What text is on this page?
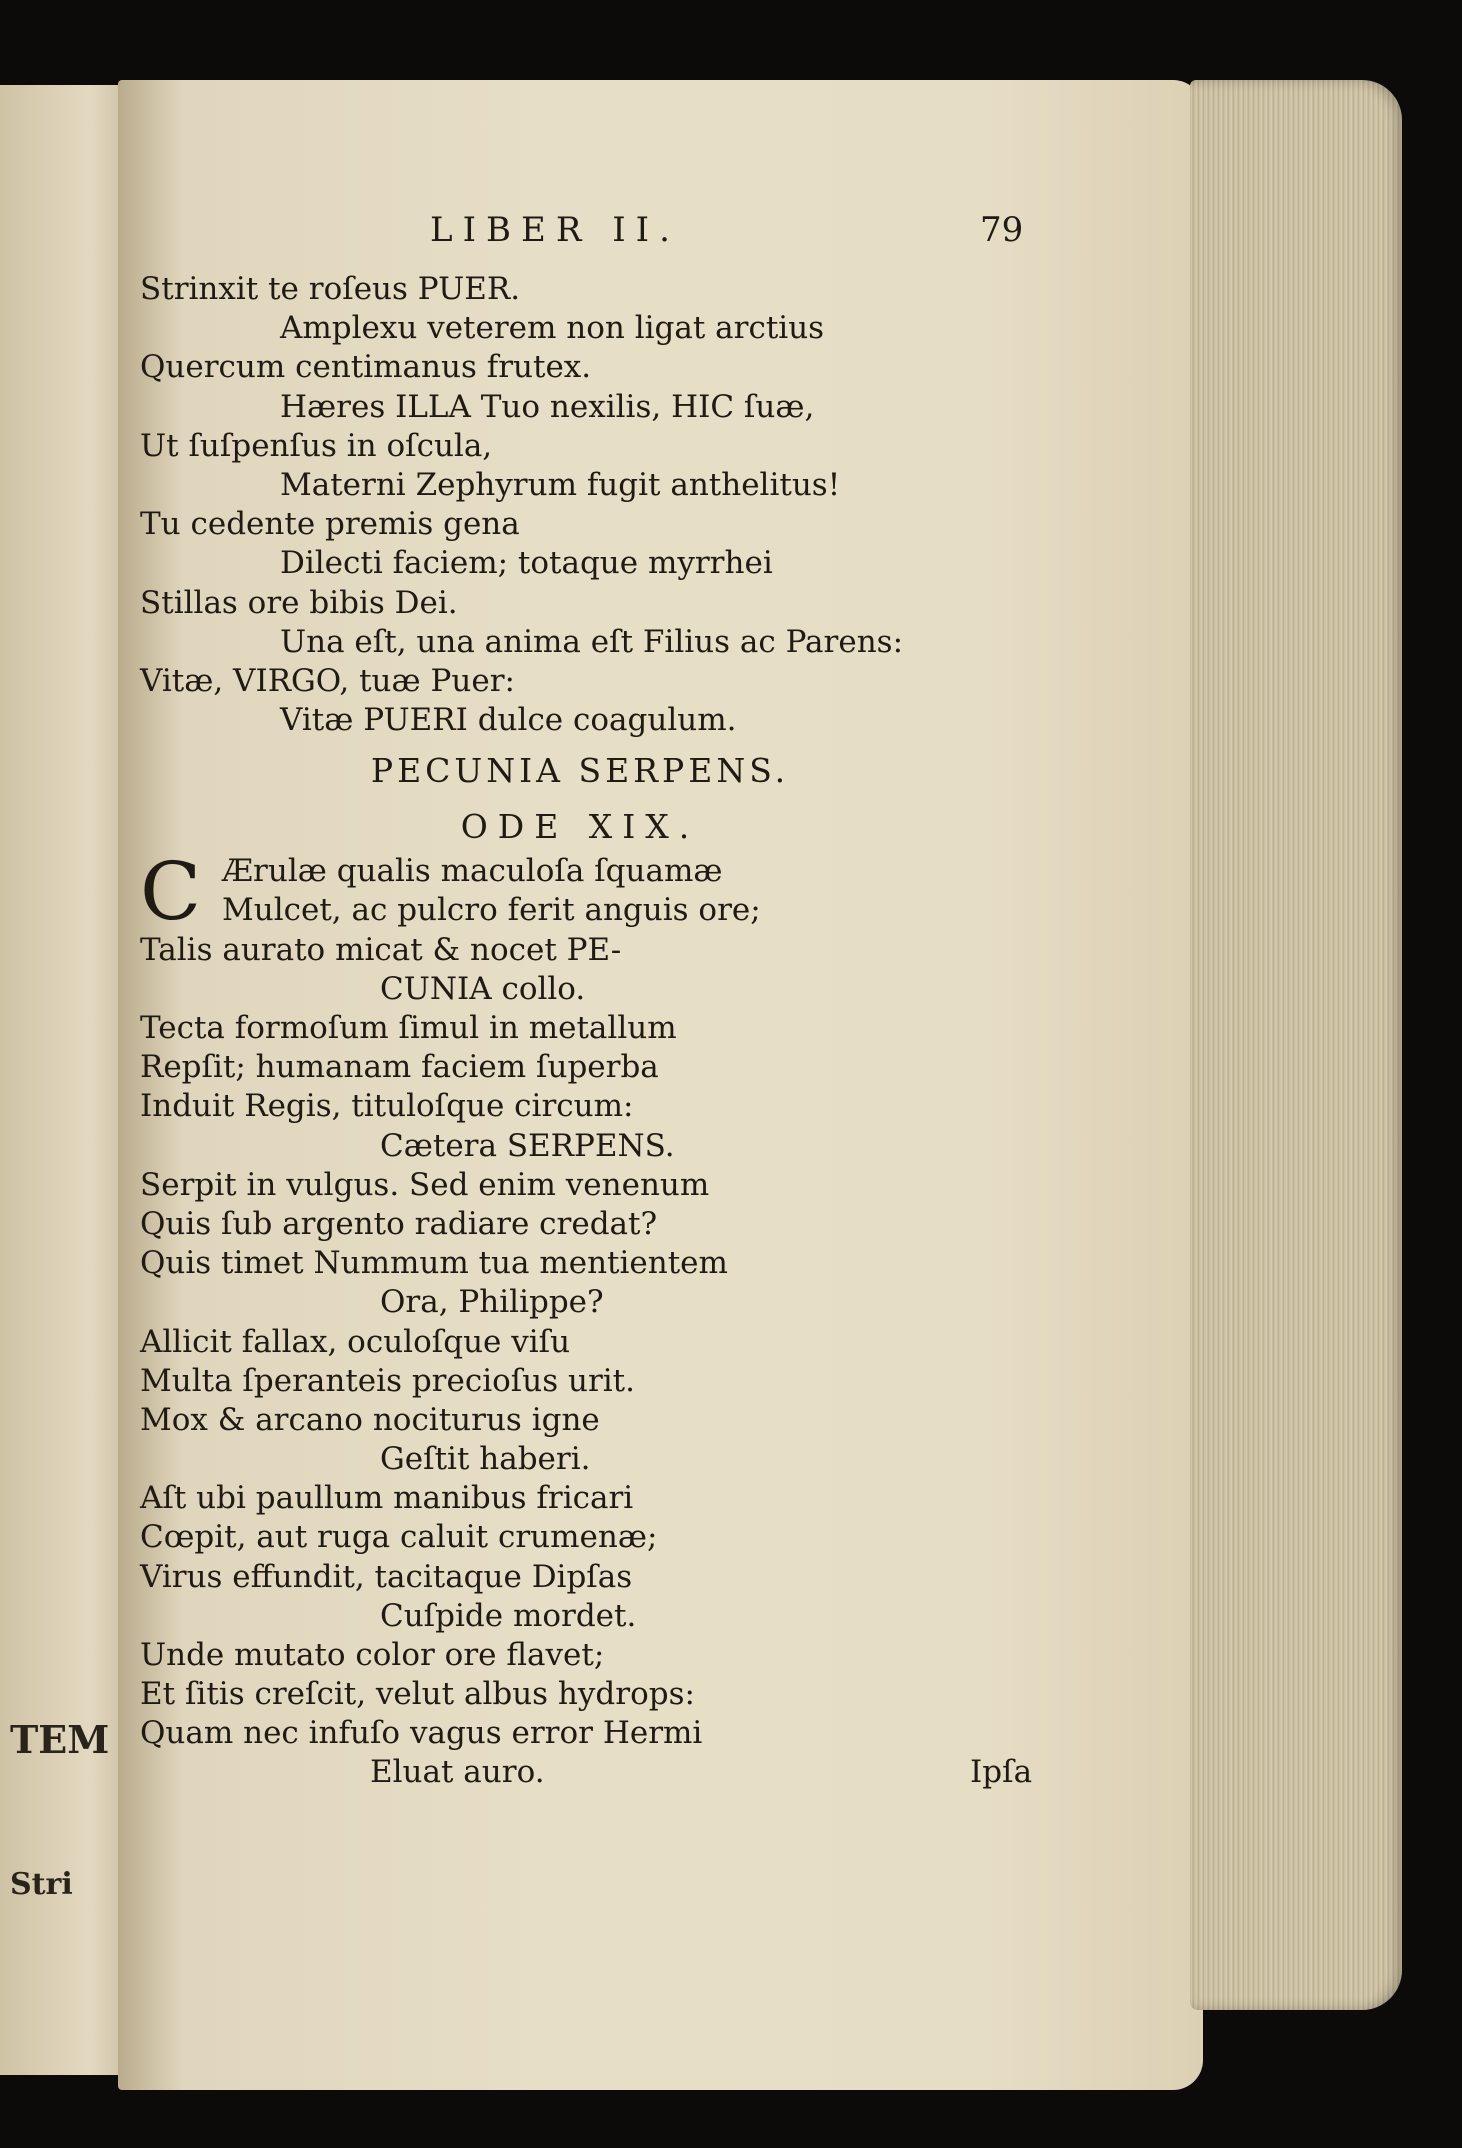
TEM
Stri
LIBER II.	79
Strinxit te roſeus PUER.
Amplexu veterem non ligat arctius
Quercum centimanus frutex.
Hæres ILLA Tuo nexilis, HIC ſuæ,
Ut ſuſpenſus in oſcula,
Materni Zephyrum fugit anthelitus!
Tu cedente premis gena
Dilecti faciem; totaque myrrhei
Stillas ore bibis Dei.
Una eſt, una anima eſt Filius ac Parens:
Vitæ, VIRGO, tuæ Puer:
Vitæ PUERI dulce coagulum.
PECUNIA SERPENS.
ODE XIX.
C Ærulæ qualis maculoſa ſquamæ
Mulcet, ac pulcro ferit anguis ore;
Talis aurato micat & nocet PE-
CUNIA collo.
Tecta formoſum ſimul in metallum
Repſit; humanam faciem ſuperba
Induit Regis, tituloſque circum:
Cætera SERPENS.
Serpit in vulgus. Sed enim venenum
Quis ſub argento radiare credat?
Quis timet Nummum tua mentientem
Ora, Philippe?
Allicit fallax, oculoſque viſu
Multa ſperanteis precioſus urit.
Mox & arcano nociturus igne
Geſtit haberi.
Aſt ubi paullum manibus fricari
Cœpit, aut ruga caluit crumenæ;
Virus effundit, tacitaque Dipſas
Cuſpide mordet.
Unde mutato color ore flavet;
Et ſitis creſcit, velut albus hydrops:
Quam nec infuſo vagus error Hermi
Eluat auro.	Ipſa
